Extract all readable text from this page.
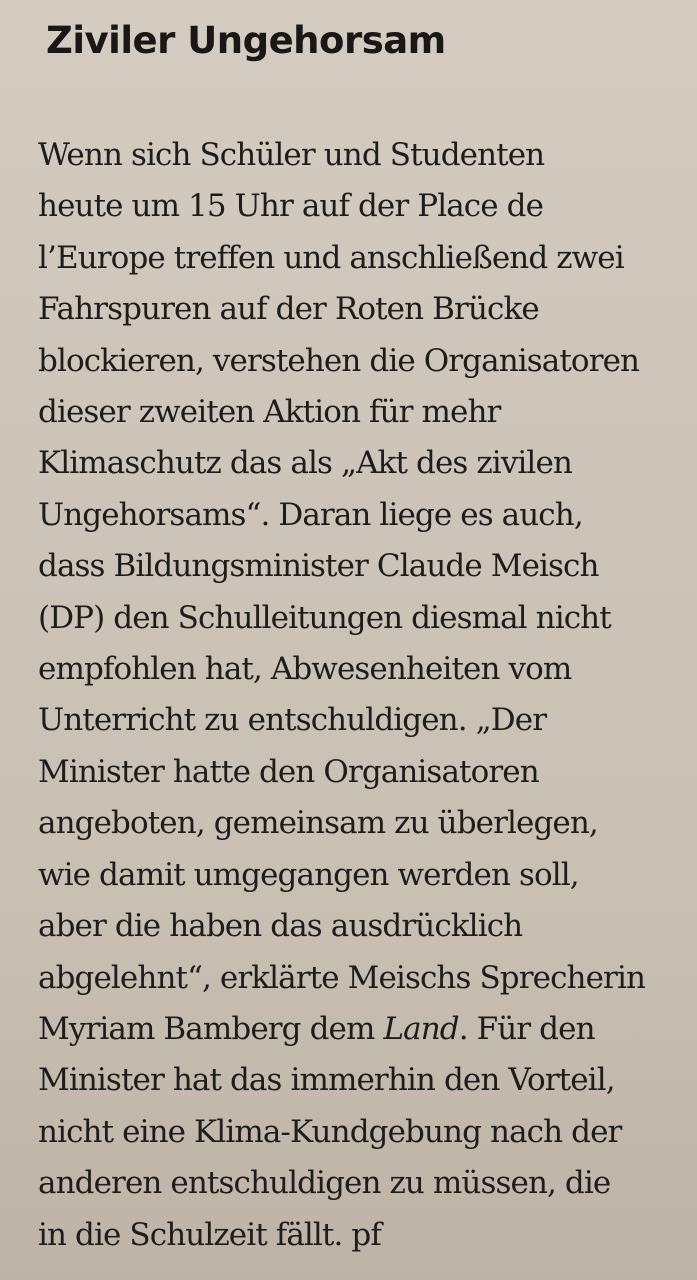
Ziviler Ungehorsam
Wenn sich Schüler und Studenten
heute um 15 Uhr auf der Place de
l’Europe treffen und anschließend zwei
Fahrspuren auf der Roten Brücke
blockieren, verstehen die Organisatoren
dieser zweiten Aktion für mehr
Klimaschutz das als „Akt des zivilen
Ungehorsams“. Daran liege es auch,
dass Bildungsminister Claude Meisch
(DP) den Schulleitungen diesmal nicht
empfohlen hat, Abwesenheiten vom
Unterricht zu entschuldigen. „Der
Minister hatte den Organisatoren
angeboten, gemeinsam zu überlegen,
wie damit umgegangen werden soll,
aber die haben das ausdrücklich
abgelehnt“, erklärte Meischs Sprecherin
Myriam Bamberg dem Land. Für den
Minister hat das immerhin den Vorteil,
nicht eine Klima-Kundgebung nach der
anderen entschuldigen zu müssen, die
in die Schulzeit fällt. pf
